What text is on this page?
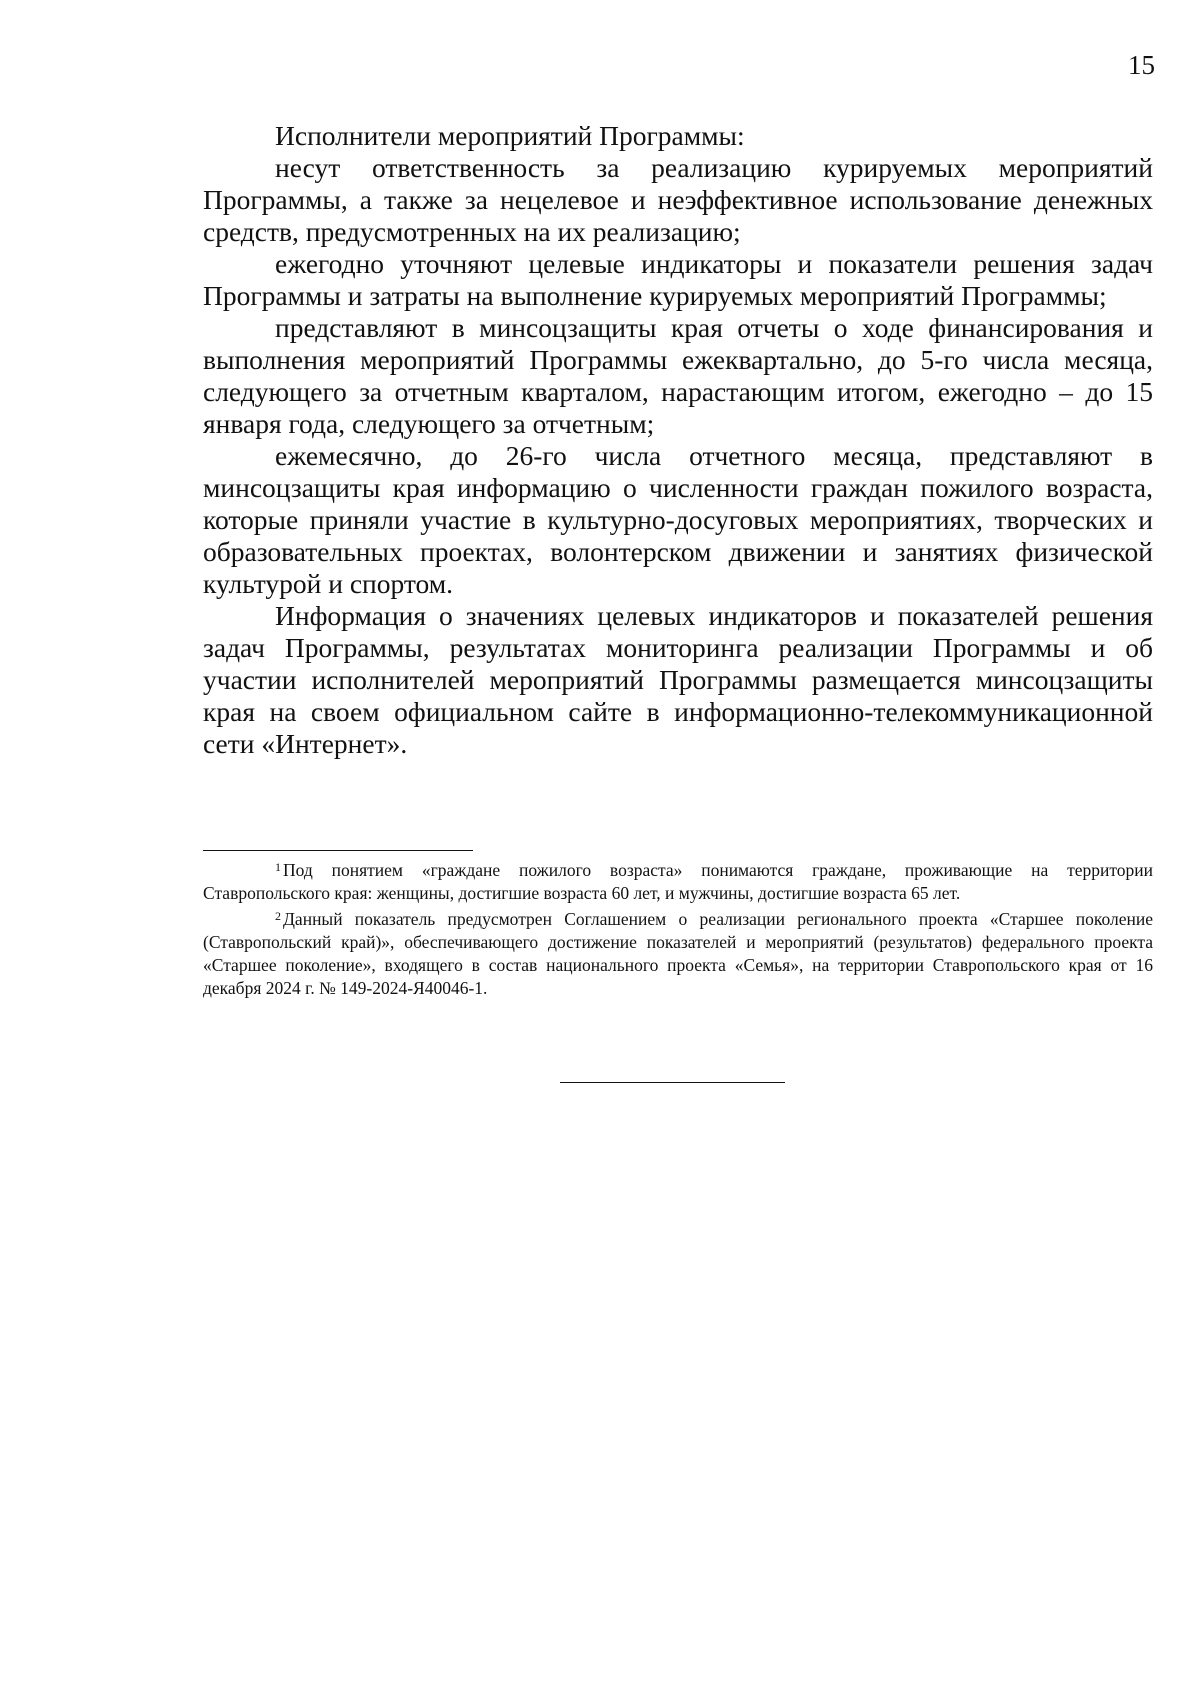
15

Исполнители мероприятий Программы:

несут ответственность за реализацию курируемых мероприятий Программы, а также за нецелевое и неэффективное использование денежных средств, предусмотренных на их реализацию;

ежегодно уточняют целевые индикаторы и показатели решения задач Программы и затраты на выполнение курируемых мероприятий Программы;

представляют в минсоцзащиты края отчеты о ходе финансирования и выполнения мероприятий Программы ежеквартально, до 5-го числа месяца, следующего за отчетным кварталом, нарастающим итогом, ежегодно – до 15 января года, следующего за отчетным;

ежемесячно, до 26-го числа отчетного месяца, представляют в минсоцзащиты края информацию о численности граждан пожилого возраста, которые приняли участие в культурно-досуговых мероприятиях, творческих и образовательных проектах, волонтерском движении и занятиях физической культурой и спортом.

Информация о значениях целевых индикаторов и показателей решения задач Программы, результатах мониторинга реализации Программы и об участии исполнителей мероприятий Программы размещается минсоцзащиты края на своем официальном сайте в информационно-телекоммуникационной сети «Интернет».

$^1$ Под понятием «граждане пожилого возраста» понимаются граждане, проживающие на территории Ставропольского края: женщины, достигшие возраста 60 лет, и мужчины, достигшие возраста 65 лет.

$^2$ Данный показатель предусмотрен Соглашением о реализации регионального проекта «Старшее поколение (Ставропольский край)», обеспечивающего достижение показателей и мероприятий (результатов) федерального проекта «Старшее поколение», входящего в состав национального проекта «Семья», на территории Ставропольского края от 16 декабря 2024 г. № 149-2024-Я40046-1.
